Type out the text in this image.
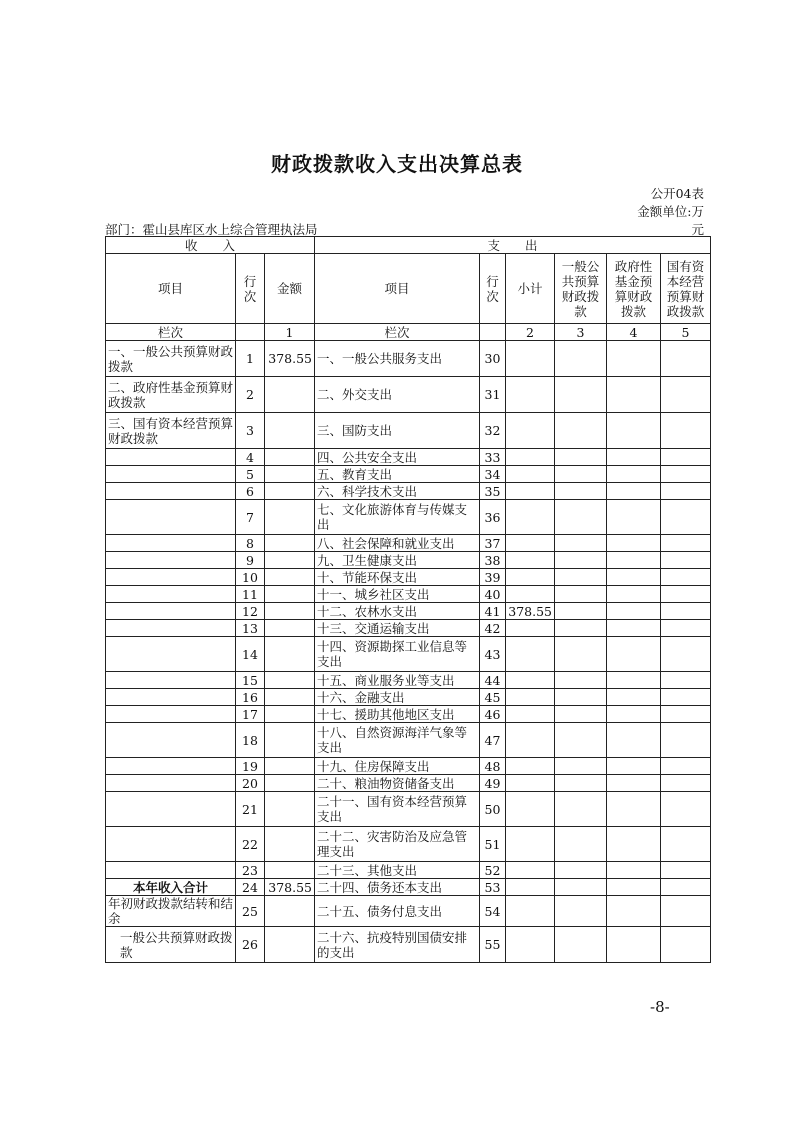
财政拨款收入支出决算总表
公开04表
金额单位:万
元
部门：霍山县库区水上综合管理执法局
收　　入			支　　出					
项目	行次	金额	项目	行次	小计	一般公共预算财政拨款	政府性基金预算财政拨款	国有资本经营预算财政拨款
栏次		1	栏次		2	3	4	5
一、一般公共预算财政拨款	1	378.55	一、一般公共服务支出	30				
二、政府性基金预算财政拨款	2		二、外交支出	31				
三、国有资本经营预算财政拨款	3		三、国防支出	32				
	4		四、公共安全支出	33				
	5		五、教育支出	34				
	6		六、科学技术支出	35				
	7		七、文化旅游体育与传媒支出	36				
	8		八、社会保障和就业支出	37				
	9		九、卫生健康支出	38				
	10		十、节能环保支出	39				
	11		十一、城乡社区支出	40				
	12		十二、农林水支出	41	378.55			
	13		十三、交通运输支出	42				
	14		十四、资源勘探工业信息等支出	43				
	15		十五、商业服务业等支出	44				
	16		十六、金融支出	45				
	17		十七、援助其他地区支出	46				
	18		十八、自然资源海洋气象等支出	47				
	19		十九、住房保障支出	48				
	20		二十、粮油物资储备支出	49				
	21		二十一、国有资本经营预算支出	50				
	22		二十二、灾害防治及应急管理支出	51				
	23		二十三、其他支出	52				
本年收入合计	24	378.55	二十四、债务还本支出	53				
年初财政拨款结转和结余	25		二十五、债务付息支出	54				
一般公共预算财政拨款	26		二十六、抗疫特别国债安排的支出	55				
-8-
